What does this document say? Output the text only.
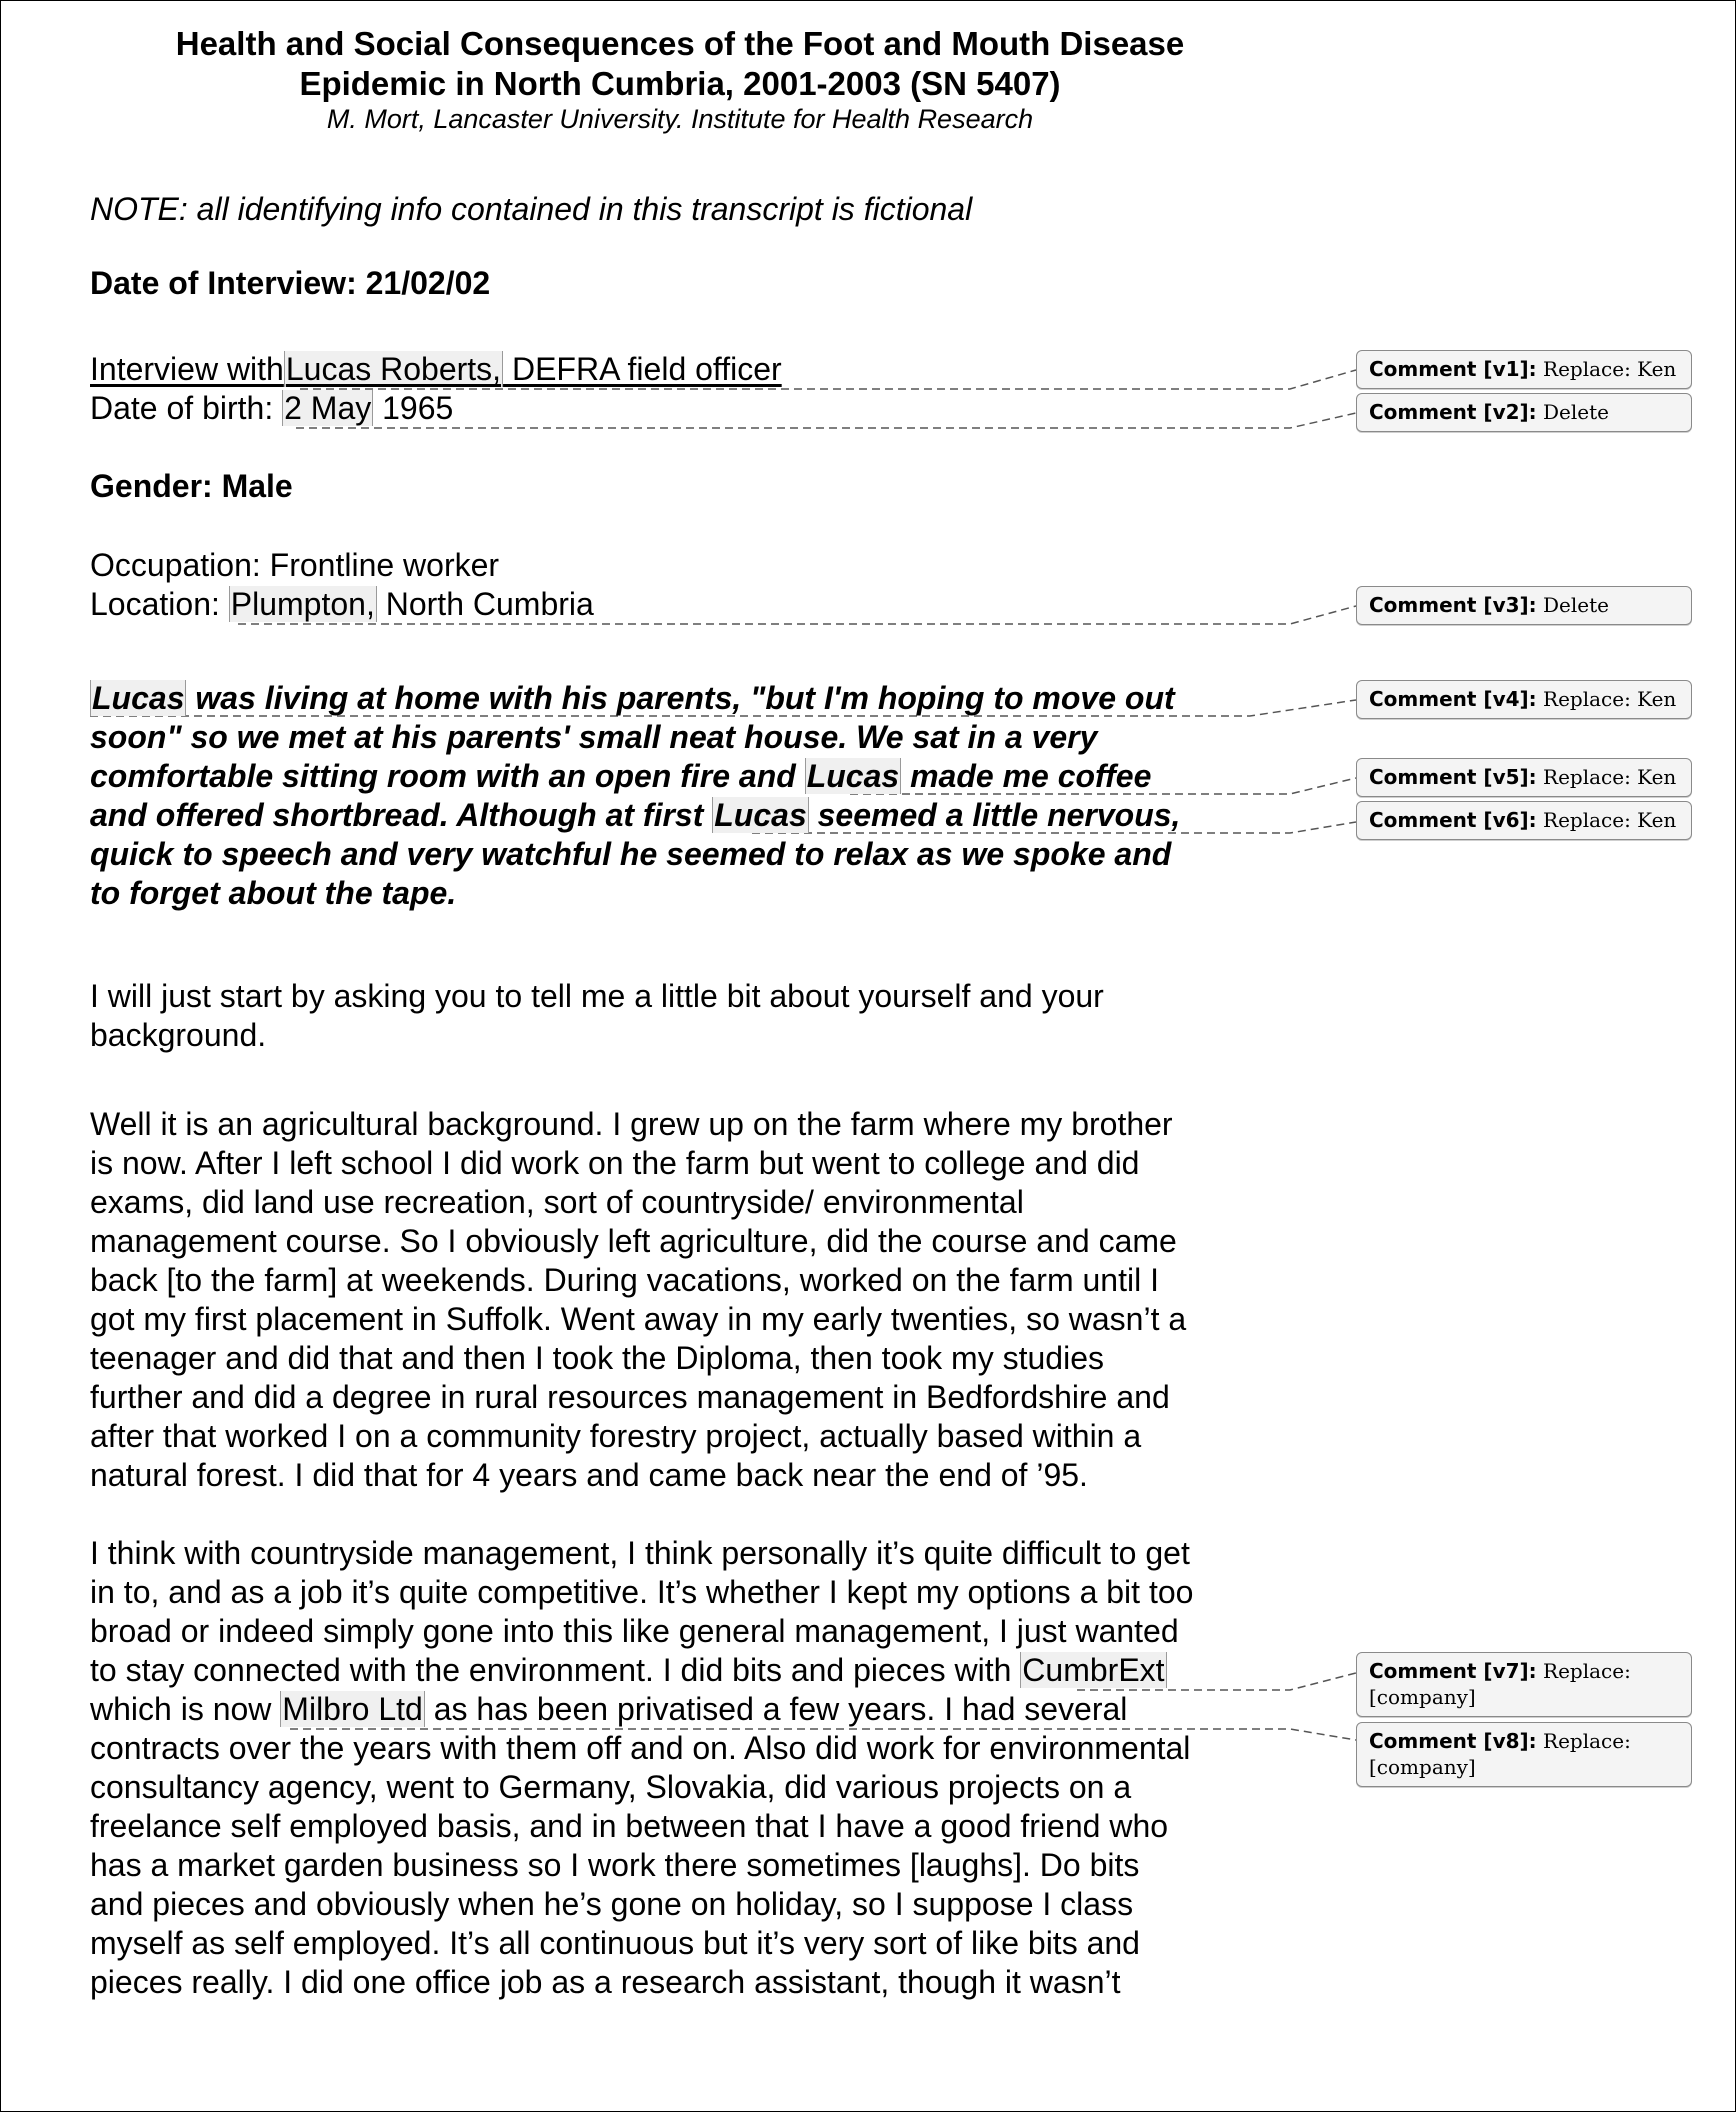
Health and Social Consequences of the Foot and Mouth Disease
Epidemic in North Cumbria, 2001-2003 (SN 5407)
M. Mort, Lancaster University. Institute for Health Research
NOTE: all identifying info contained in this transcript is fictional
Date of Interview: 21/02/02
Interview withLucas Roberts, DEFRA field officer
Date of birth: 2 May 1965
Gender: Male
Occupation: Frontline worker
Location: Plumpton, North Cumbria
Lucas was living at home with his parents, "but I'm hoping to move out
soon" so we met at his parents' small neat house. We sat in a very
comfortable sitting room with an open fire and Lucas made me coffee
and offered shortbread. Although at first Lucas seemed a little nervous,
quick to speech and very watchful he seemed to relax as we spoke and
to forget about the tape.
I will just start by asking you to tell me a little bit about yourself and your
background.
Well it is an agricultural background. I grew up on the farm where my brother
is now. After I left school I did work on the farm but went to college and did
exams, did land use recreation, sort of countryside/ environmental
management course. So I obviously left agriculture, did the course and came
back [to the farm] at weekends. During vacations, worked on the farm until I
got my first placement in Suffolk. Went away in my early twenties, so wasn’t a
teenager and did that and then I took the Diploma, then took my studies
further and did a degree in rural resources management in Bedfordshire and
after that worked I on a community forestry project, actually based within a
natural forest. I did that for 4 years and came back near the end of ’95.
I think with countryside management, I think personally it’s quite difficult to get
in to, and as a job it’s quite competitive. It’s whether I kept my options a bit too
broad or indeed simply gone into this like general management, I just wanted
to stay connected with the environment. I did bits and pieces with CumbrExt
which is now Milbro Ltd as has been privatised a few years. I had several
contracts over the years with them off and on. Also did work for environmental
consultancy agency, went to Germany, Slovakia, did various projects on a
freelance self employed basis, and in between that I have a good friend who
has a market garden business so I work there sometimes [laughs]. Do bits
and pieces and obviously when he’s gone on holiday, so I suppose I class
myself as self employed. It’s all continuous but it’s very sort of like bits and
pieces really. I did one office job as a research assistant, though it wasn’t
Comment [v1]: Replace: Ken
Comment [v2]: Delete
Comment [v3]: Delete
Comment [v4]: Replace: Ken
Comment [v5]: Replace: Ken
Comment [v6]: Replace: Ken
Comment [v7]: Replace: [company]
Comment [v8]: Replace: [company]
